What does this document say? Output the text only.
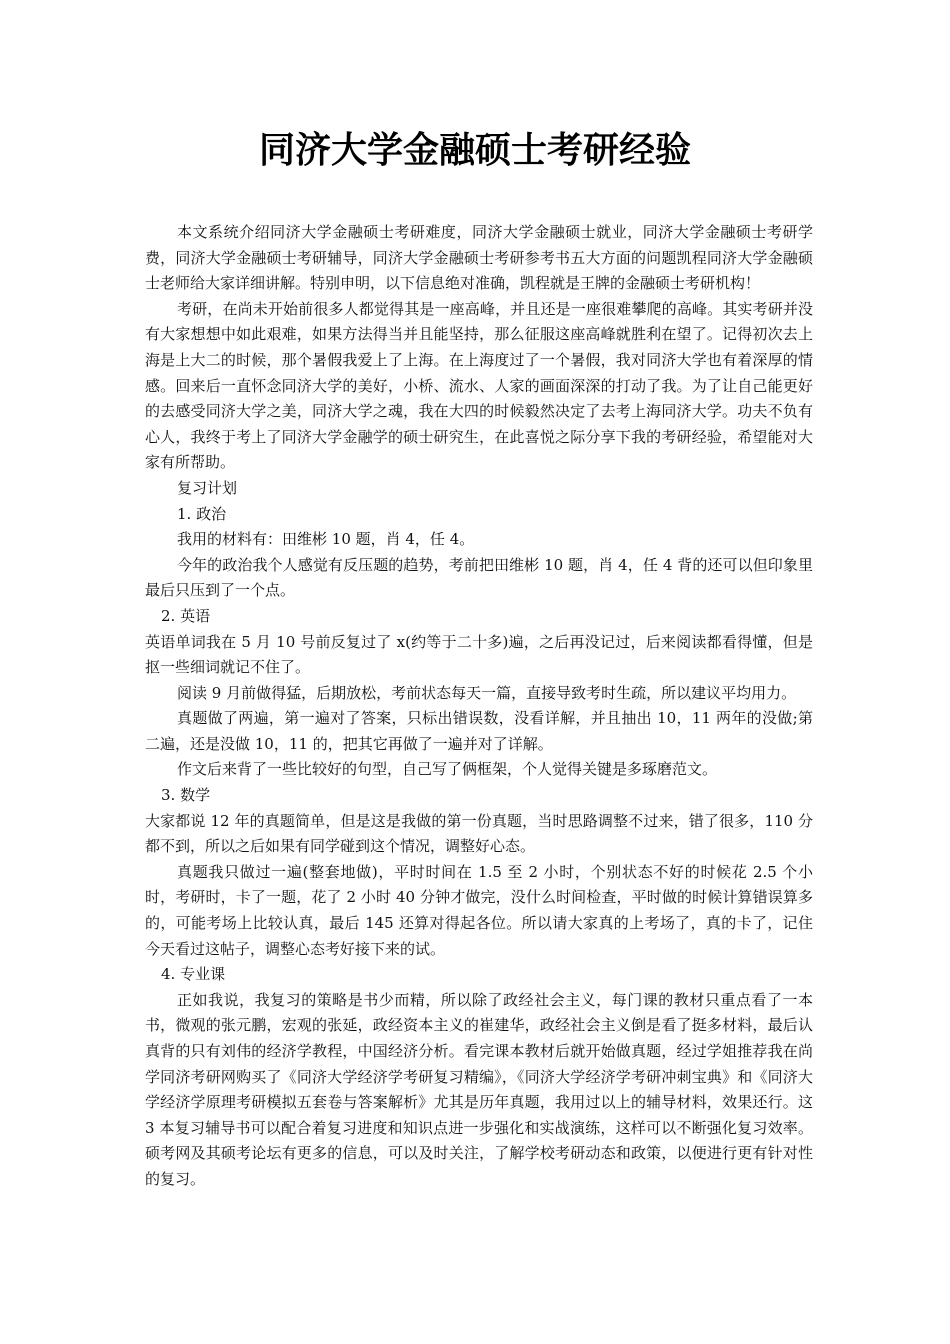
同济大学金融硕士考研经验

本文系统介绍同济大学金融硕士考研难度，同济大学金融硕士就业，同济大学金融硕士考研学费，同济大学金融硕士考研辅导，同济大学金融硕士考研参考书五大方面的问题凯程同济大学金融硕士老师给大家详细讲解。特别申明，以下信息绝对准确，凯程就是王牌的金融硕士考研机构！

考研，在尚未开始前很多人都觉得其是一座高峰，并且还是一座很难攀爬的高峰。其实考研并没有大家想想中如此艰难，如果方法得当并且能坚持，那么征服这座高峰就胜利在望了。记得初次去上海是上大二的时候，那个暑假我爱上了上海。在上海度过了一个暑假，我对同济大学也有着深厚的情感。回来后一直怀念同济大学的美好，小桥、流水、人家的画面深深的打动了我。为了让自己能更好的去感受同济大学之美，同济大学之魂，我在大四的时候毅然决定了去考上海同济大学。功夫不负有心人，我终于考上了同济大学金融学的硕士研究生，在此喜悦之际分享下我的考研经验，希望能对大家有所帮助。

复习计划

1. 政治

我用的材料有：田维彬 10 题，肖 4，任 4。

今年的政治我个人感觉有反压题的趋势，考前把田维彬 10 题，肖 4，任 4 背的还可以但印象里最后只压到了一个点。

2. 英语

英语单词我在 5 月 10 号前反复过了 x(约等于二十多)遍，之后再没记过，后来阅读都看得懂，但是抠一些细词就记不住了。

阅读 9 月前做得猛，后期放松，考前状态每天一篇，直接导致考时生疏，所以建议平均用力。

真题做了两遍，第一遍对了答案，只标出错误数，没看详解，并且抽出 10，11 两年的没做;第二遍，还是没做 10，11 的，把其它再做了一遍并对了详解。

作文后来背了一些比较好的句型，自己写了俩框架，个人觉得关键是多琢磨范文。

3. 数学

大家都说 12 年的真题简单，但是这是我做的第一份真题，当时思路调整不过来，错了很多，110 分都不到，所以之后如果有同学碰到这个情况，调整好心态。

真题我只做过一遍(整套地做)，平时时间在 1.5 至 2 小时，个别状态不好的时候花 2.5 个小时，考研时，卡了一题，花了 2 小时 40 分钟才做完，没什么时间检查，平时做的时候计算错误算多的，可能考场上比较认真，最后 145 还算对得起各位。所以请大家真的上考场了，真的卡了，记住今天看过这帖子，调整心态考好接下来的试。

4. 专业课

正如我说，我复习的策略是书少而精，所以除了政经社会主义，每门课的教材只重点看了一本书，微观的张元鹏，宏观的张延，政经资本主义的崔建华，政经社会主义倒是看了挺多材料，最后认真背的只有刘伟的经济学教程，中国经济分析。看完课本教材后就开始做真题，经过学姐推荐我在尚学同济考研网购买了《同济大学经济学考研复习精编》，《同济大学经济学考研冲刺宝典》和《同济大学经济学原理考研模拟五套卷与答案解析》尤其是历年真题，我用过以上的辅导材料，效果还行。这 3 本复习辅导书可以配合着复习进度和知识点进一步强化和实战演练，这样可以不断强化复习效率。硕考网及其硕考论坛有更多的信息，可以及时关注，了解学校考研动态和政策，以便进行更有针对性的复习。
